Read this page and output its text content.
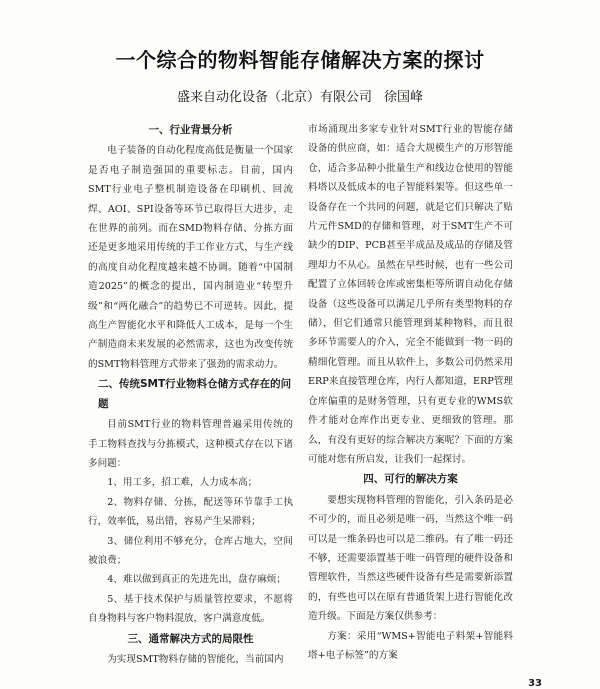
一个综合的物料智能存储解决方案的探讨
盛来自动化设备（北京）有限公司 徐国峰
一、行业背景分析

电子装备的自动化程度高低是衡量一个国家是否电子制造强国的重要标志。目前，国内SMT行业电子整机制造设备在印刷机、回流焊、AOI、SPI设备等环节已取得巨大进步，走在世界的前列。而在SMD物料存储、分拣方面还是更多地采用传统的手工作业方式，与生产线的高度自动化程度越来越不协调。随着“中国制造2025”的概念的提出，国内制造业“转型升级”和“两化融合”的趋势已不可逆转。因此，提高生产智能化水平和降低人工成本，是每一个生产制造商未来发展的必然需求，这也为改变传统的SMT物料管理方式带来了强劲的需求动力。

二、传统SMT行业物料仓储方式存在的问题

目前SMT行业的物料管理普遍采用传统的手工物料查找与分拣模式，这种模式存在以下诸多问题：

1、用工多，招工难，人力成本高；

2、物料存储、分拣，配送等环节靠手工执行，效率低，易出错，容易产生呆滞料；

3、储位利用不够充分，仓库占地大，空间被浪费；

4、难以做到真正的先进先出，盘存麻烦；

5、基于技术保护与质量管控要求，不愿将自身物料与客户物料混放，客户满意度低。

三、通常解决方式的局限性

为实现SMT物料存储的智能化，当前国内

市场涌现出多家专业针对SMT行业的智能存储设备的供应商，如：适合大规模生产的万形智能仓，适合多品种小批量生产和线边仓使用的智能料塔以及低成本的电子智能料架等。但这些单一设备存在一个共同的问题，就是它们只解决了贴片元件SMD的存储和管理，对于SMT生产不可缺少的DIP、PCB甚至半成品及成品的存储及管理却力不从心。虽然在早些时候，也有一些公司配置了立体回转仓库或密集柜等所谓自动化存储设备（这些设备可以满足几乎所有类型物料的存储），但它们通常只能管理到某种物料，而且很多环节需要人的介入，完全不能做到一物一码的精细化管理。而且从软件上，多数公司仍然采用ERP来直接管理仓库，内行人都知道，ERP管理仓库偏重的是财务管理，只有更专业的WMS软件才能对仓库作出更专业、更细致的管理。那么，有没有更好的综合解决方案呢？下面的方案可能对您有所启发，让我们一起探讨。

四、可行的解决方案

要想实现物料管理的智能化，引入条码是必不可少的，而且必须是唯一码，当然这个唯一码可以是一维条码也可以是二维码。有了唯一码还不够，还需要添置基于唯一码管理的硬件设备和管理软件，当然这些硬件设备有些是需要新添置的，有些也可以在原有普通货架上进行智能化改造升级。下面是方案仅供参考：

方案：采用“WMS+智能电子料架+智能料塔+电子标签”的方案

33
